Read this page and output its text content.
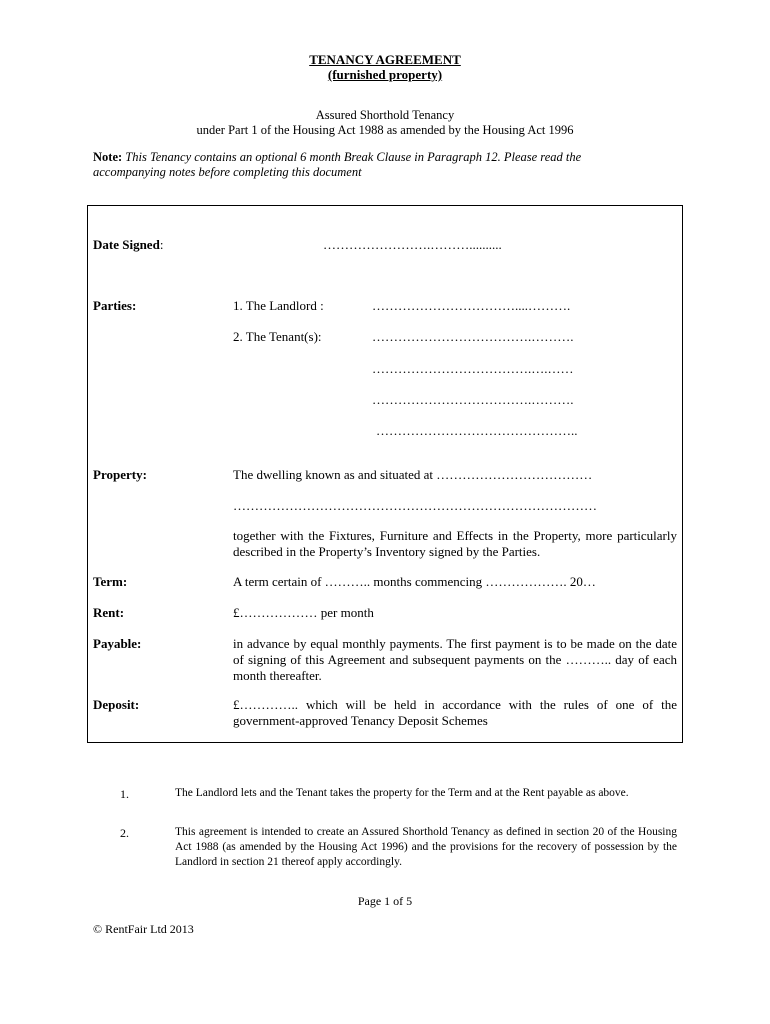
TENANCY AGREEMENT
(furnished property)
Assured Shorthold Tenancy
under Part 1 of the Housing Act 1988 as amended by the Housing Act 1996
Note: This Tenancy contains an optional 6 month Break Clause in Paragraph 12. Please read the accompanying notes before completing this document
Date Signed:	…………………….………..........
Parties:	1. The Landlord :	……………………………....……….
2. The Tenant(s):	……………………………….……….
……………………………….….……
……………………………….……….
………………………………………..
Property:	The dwelling known as and situated at ………………………………
…………………………………………………………………………
together with the Fixtures, Furniture and Effects in the Property, more particularly described in the Property’s Inventory signed by the Parties.
Term:	A term certain of ……….. months commencing ………………. 20…
Rent:	£……………… per month
Payable:	in advance by equal monthly payments. The first payment is to be made on the date of signing of this Agreement and subsequent payments on the ……….. day of each month thereafter.
Deposit:	£………….. which will be held in accordance with the rules of one of the government-approved Tenancy Deposit Schemes
1.	The Landlord lets and the Tenant takes the property for the Term and at the Rent payable as above.
2.	This agreement is intended to create an Assured Shorthold Tenancy as defined in section 20 of the Housing Act 1988 (as amended by the Housing Act 1996) and the provisions for the recovery of possession by the Landlord in section 21 thereof apply accordingly.
Page 1 of 5
© RentFair Ltd 2013
